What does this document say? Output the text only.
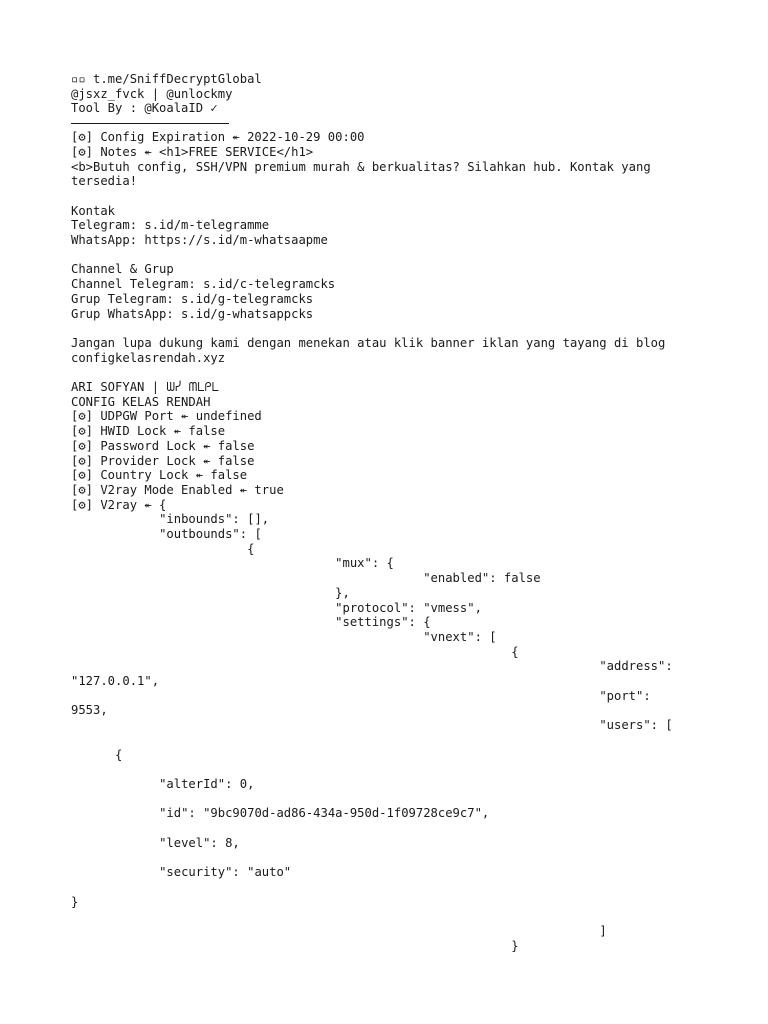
▫▫ t.me/SniffDecryptGlobal
@jsxz_fvck | @unlockmy
Tool By : @KoalaID ✓
[⚙] Config Expiration ↞ 2022-10-29 00:00
[⚙] Notes ↞ <h1>FREE SERVICE</h1>
<b>Butuh config, SSH/VPN premium murah & berkualitas? Silahkan hub. Kontak yang
tersedia!
Kontak
Telegram: s.id/m-telegramme
WhatsApp: https://s.id/m-whatsaapme
Channel & Grup
Channel Telegram: s.id/c-telegramcks
Grup Telegram: s.id/g-telegramcks
Grup WhatsApp: s.id/g-whatsappcks
Jangan lupa dukung kami dengan menekan atau klik banner iklan yang tayang di blog
configkelasrendah.xyz
ARI SOFYAN | ᗯᓰ ᗰᒪᑭᒪ
CONFIG KELAS RENDAH
[⚙] UDPGW Port ↞ undefined
[⚙] HWID Lock ↞ false
[⚙] Password Lock ↞ false
[⚙] Provider Lock ↞ false
[⚙] Country Lock ↞ false
[⚙] V2ray Mode Enabled ↞ true
[⚙] V2ray ↞ {
"inbounds": [],
"outbounds": [
{
"mux": {
"enabled": false
},
"protocol": "vmess",
"settings": {
"vnext": [
{
"address":
"127.0.0.1",
"port":
9553,
"users": [
{
"alterId": 0,
"id": "9bc9070d-ad86-434a-950d-1f09728ce9c7",
"level": 8,
"security": "auto"
}
]
}
